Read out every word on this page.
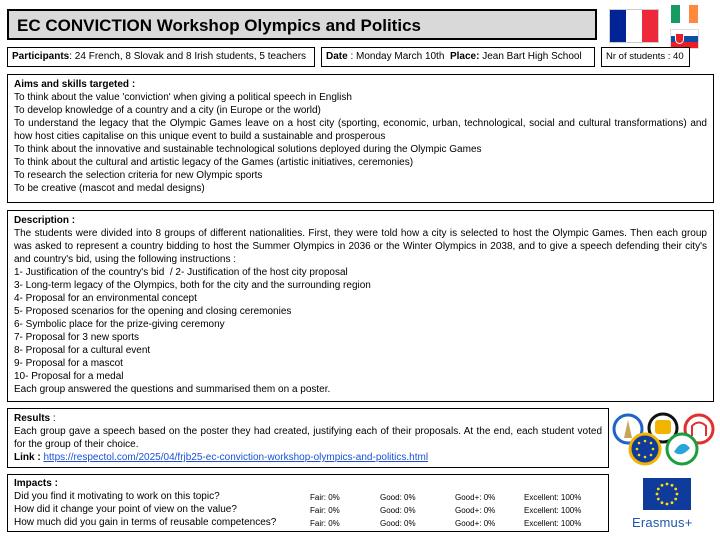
EC CONVICTION Workshop Olympics and Politics
Participants: 24 French, 8 Slovak and 8 Irish students, 5 teachers	Date : Monday March 10th Place: Jean Bart High School	Nr of students : 40
Aims and skills targeted :
To think about the value 'conviction' when giving a political speech in English
To develop knowledge of a country and a city (in Europe or the world)
To understand the legacy that the Olympic Games leave on a host city (sporting, economic, urban, technological, social and cultural transformations) and how host cities capitalise on this unique event to build a sustainable and prosperous
To think about the innovative and sustainable technological solutions deployed during the Olympic Games
To think about the cultural and artistic legacy of the Games (artistic initiatives, ceremonies)
To research the selection criteria for new Olympic sports
To be creative (mascot and medal designs)
Description :
The students were divided into 8 groups of different nationalities. First, they were told how a city is selected to host the Olympic Games. Then each group was asked to represent a country bidding to host the Summer Olympics in 2036 or the Winter Olympics in 2038, and to give a speech defending their city's and country's bid, using the following instructions :
1- Justification of the country's bid  / 2- Justification of the host city proposal
3- Long-term legacy of the Olympics, both for the city and the surrounding region
4- Proposal for an environmental concept
5- Proposed scenarios for the opening and closing ceremonies
6- Symbolic place for the prize-giving ceremony
7- Proposal for 3 new sports
8- Proposal for a cultural event
9- Proposal for a mascot
10- Proposal for a medal
Each group answered the questions and summarised them on a poster.
Results :
Each group gave a speech based on the poster they had created, justifying each of their proposals. At the end, each student voted for the group of their choice.
Link : https://respectol.com/2025/04/frjb25-ec-conviction-workshop-olympics-and-politics.html
Impacts :
Did you find it motivating to work on this topic?	Fair: 0%	Good: 0%	Good+: 0%	Excellent: 100%
How did it change your point of view on the value?	Fair: 0%	Good: 0%	Good+: 0%	Excellent: 100%
How much did you gain in terms of reusable competences?	Fair: 0%	Good: 0%	Good+: 0%	Excellent: 100%	Erasmus+
